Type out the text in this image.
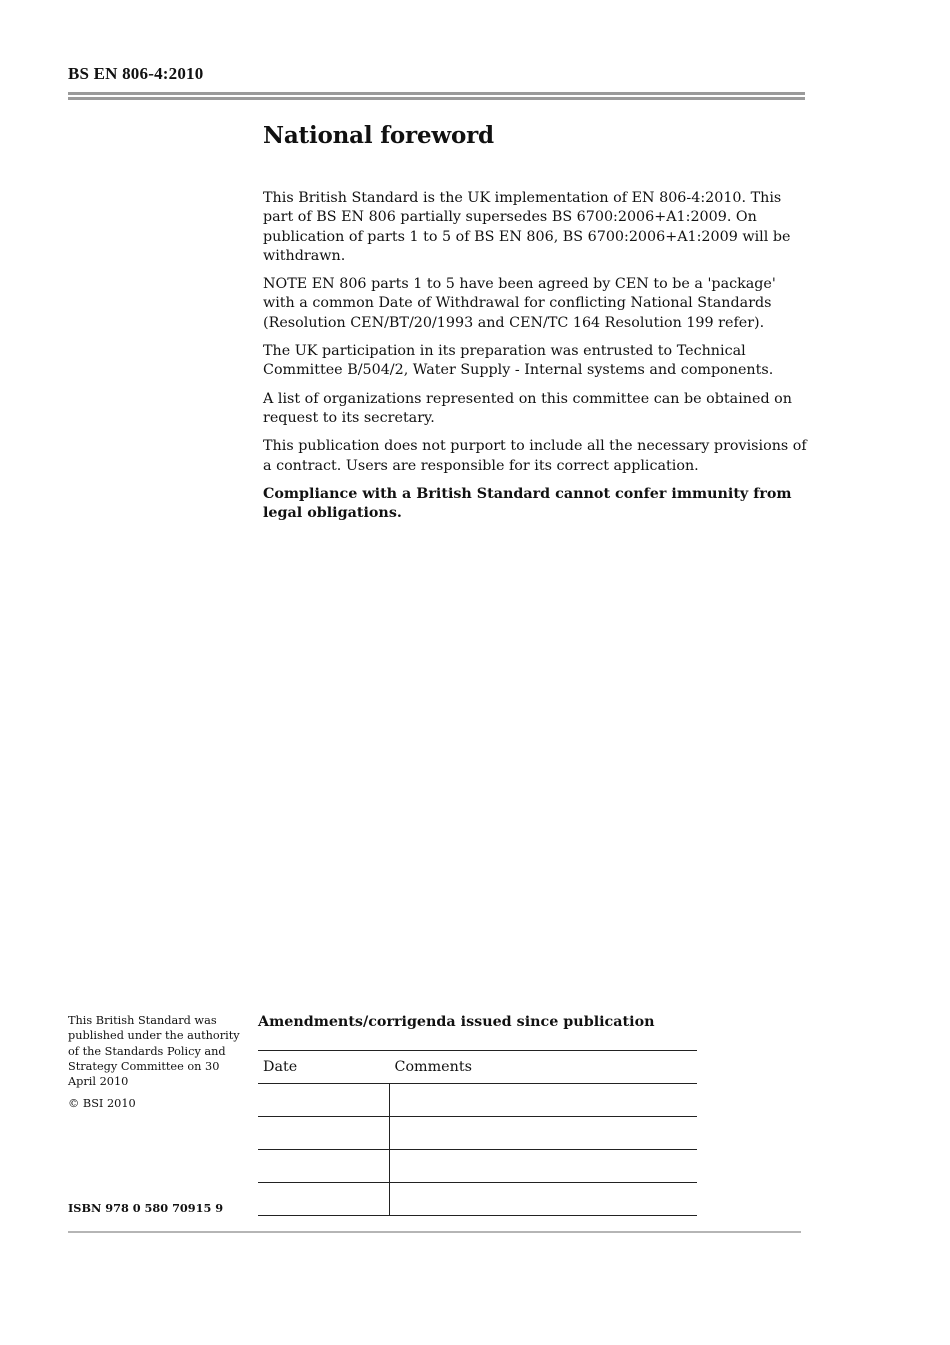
BS EN 806-4:2010
National foreword

This British Standard is the UK implementation of EN 806-4:2010. This part of BS EN 806 partially supersedes BS 6700:2006+A1:2009. On publication of parts 1 to 5 of BS EN 806, BS 6700:2006+A1:2009 will be withdrawn.

NOTE EN 806 parts 1 to 5 have been agreed by CEN to be a 'package' with a common Date of Withdrawal for conflicting National Standards (Resolution CEN/BT/20/1993 and CEN/TC 164 Resolution 199 refer).

The UK participation in its preparation was entrusted to Technical Committee B/504/2, Water Supply - Internal systems and components.

A list of organizations represented on this committee can be obtained on request to its secretary.

This publication does not purport to include all the necessary provisions of a contract. Users are responsible for its correct application.

Compliance with a British Standard cannot confer immunity from legal obligations.

This British Standard was published under the authority of the Standards Policy and Strategy Committee on 30 April 2010

© BSI 2010

ISBN 978 0 580 70915 9
Amendments/corrigenda issued since publication
Date	Comments
